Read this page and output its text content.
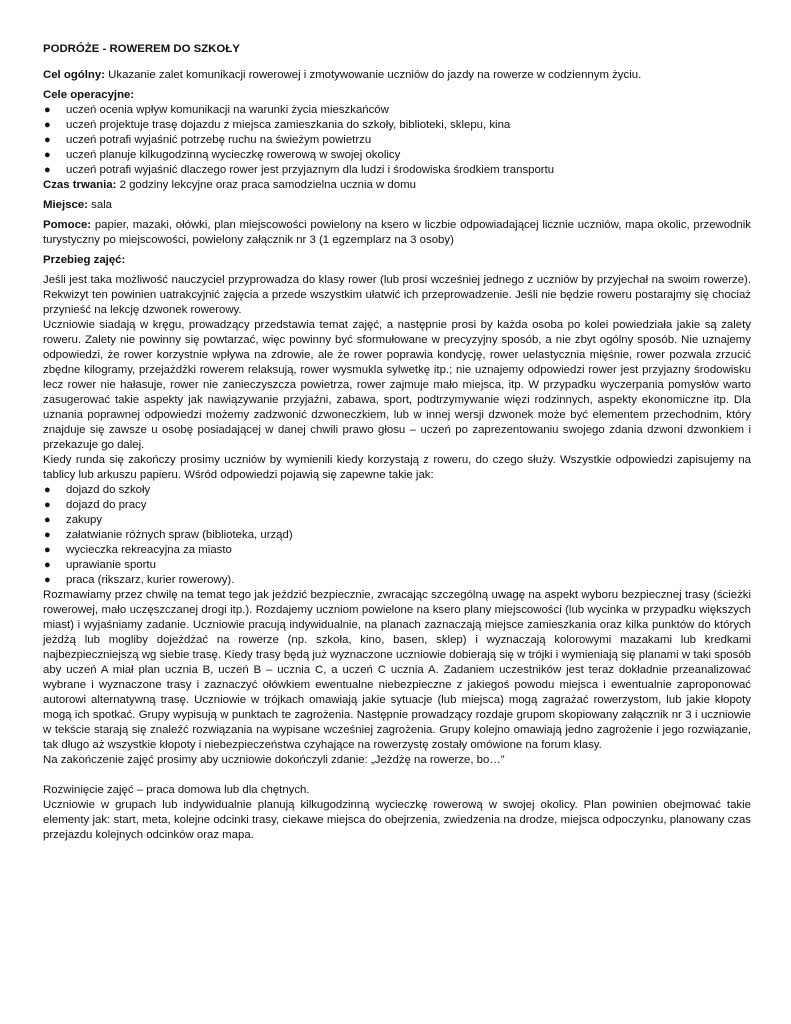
PODRÓŻE - ROWEREM DO SZKOŁY

Cel ogólny: Ukazanie zalet komunikacji rowerowej i zmotywowanie uczniów do jazdy na rowerze w codziennym życiu.

Cele operacyjne:

● uczeń ocenia wpływ komunikacji na warunki życia mieszkańców
● uczeń projektuje trasę dojazdu z miejsca zamieszkania do szkoły, biblioteki, sklepu, kina
● uczeń potrafi wyjaśnić potrzebę ruchu na świeżym powietrzu
● uczeń planuje kilkugodzinną wycieczkę rowerową w swojej okolicy
● uczeń potrafi wyjaśnić dlaczego rower jest przyjaznym dla ludzi i środowiska środkiem transportu

Czas trwania: 2 godziny lekcyjne oraz praca samodzielna ucznia w domu

Miejsce: sala

Pomoce: papier, mazaki, ołówki, plan miejscowości powielony na ksero w liczbie odpowiadającej licznie uczniów, mapa okolic, przewodnik turystyczny po miejscowości, powielony załącznik nr 3 (1 egzemplarz na 3 osoby)

Przebieg zajęć:

Jeśli jest taka możliwość nauczyciel przyprowadza do klasy rower (lub prosi wcześniej jednego z uczniów by przyjechał na swoim rowerze). Rekwizyt ten powinien uatrakcyjnić zajęcia a przede wszystkim ułatwić ich przeprowadzenie. Jeśli nie będzie roweru postarajmy się chociaż przynieść na lekcję dzwonek rowerowy.

Uczniowie siadają w kręgu, prowadzący przedstawia temat zajęć, a następnie prosi by każda osoba po kolei powiedziała jakie są zalety roweru. Zalety nie powinny się powtarzać, więc powinny być sformułowane w precyzyjny sposób, a nie zbyt ogólny sposób. Nie uznajemy odpowiedzi, że rower korzystnie wpływa na zdrowie, ale że rower poprawia kondycję, rower uelastycznia mięśnie, rower pozwala zrzucić zbędne kilogramy, przejażdżki rowerem relaksują, rower wysmukla sylwetkę itp.; nie uznajemy odpowiedzi rower jest przyjazny środowisku lecz rower nie hałasuje, rower nie zanieczyszcza powietrza, rower zajmuje mało miejsca, itp. W przypadku wyczerpania pomysłów warto zasugerować takie aspekty jak nawiązywanie przyjaźni, zabawa, sport, podtrzymywanie więzi rodzinnych, aspekty ekonomiczne itp. Dla uznania poprawnej odpowiedzi możemy zadzwonić dzwoneczkiem, lub w innej wersji dzwonek może być elementem przechodnim, który znajduje się zawsze u osobę posiadającej w danej chwili prawo głosu – uczeń po zaprezentowaniu swojego zdania dzwoni dzwonkiem i przekazuje go dalej.

Kiedy runda się zakończy prosimy uczniów by wymienili kiedy korzystają z roweru, do czego służy. Wszystkie odpowiedzi zapisujemy na tablicy lub arkuszu papieru. Wśród odpowiedzi pojawią się zapewne takie jak:

● dojazd do szkoły
● dojazd do pracy
● zakupy
● załatwianie różnych spraw (biblioteka, urząd)
● wycieczka rekreacyjna za miasto
● uprawianie sportu
● praca (rikszarz, kurier rowerowy).

Rozmawiamy przez chwilę na temat tego jak jeździć bezpiecznie, zwracając szczególną uwagę na aspekt wyboru bezpiecznej trasy (ścieżki rowerowej, mało uczęszczanej drogi itp.). Rozdajemy uczniom powielone na ksero plany miejscowości (lub wycinka w przypadku większych miast) i wyjaśniamy zadanie. Uczniowie pracują indywidualnie, na planach zaznaczają miejsce zamieszkania oraz kilka punktów do których jeżdżą lub mogliby dojeżdżać na rowerze (np. szkoła, kino, basen, sklep) i wyznaczają kolorowymi mazakami lub kredkami najbezpieczniejszą wg siebie trasę. Kiedy trasy będą już wyznaczone uczniowie dobierają się w trójki i wymieniają się planami w taki sposób aby uczeń A miał plan ucznia B, uczeń B – ucznia C, a uczeń C ucznia A. Zadaniem uczestników jest teraz dokładnie przeanalizować wybrane i wyznaczone trasy i zaznaczyć ołówkiem ewentualne niebezpieczne z jakiegoś powodu miejsca i ewentualnie zaproponować autorowi alternatywną trasę. Uczniowie w trójkach omawiają jakie sytuacje (lub miejsca) mogą zagrażać rowerzystom, lub jakie kłopoty mogą ich spotkać. Grupy wypisują w punktach te zagrożenia. Następnie prowadzący rozdaje grupom skopiowany załącznik nr 3 i uczniowie w tekście starają się znaleźć rozwiązania na wypisane wcześniej zagrożenia. Grupy kolejno omawiają jedno zagrożenie i jego rozwiązanie, tak długo aż wszystkie kłopoty i niebezpieczeństwa czyhające na rowerzystę zostały omówione na forum klasy.

Na zakończenie zajęć prosimy aby uczniowie dokończyli zdanie: „Jeżdżę na rowerze, bo…”

Rozwinięcie zajęć – praca domowa lub dla chętnych.

Uczniowie w grupach lub indywidualnie planują kilkugodzinną wycieczkę rowerową w swojej okolicy. Plan powinien obejmować takie elementy jak: start, meta, kolejne odcinki trasy, ciekawe miejsca do obejrzenia, zwiedzenia na drodze, miejsca odpoczynku, planowany czas przejazdu kolejnych odcinków oraz mapa.
